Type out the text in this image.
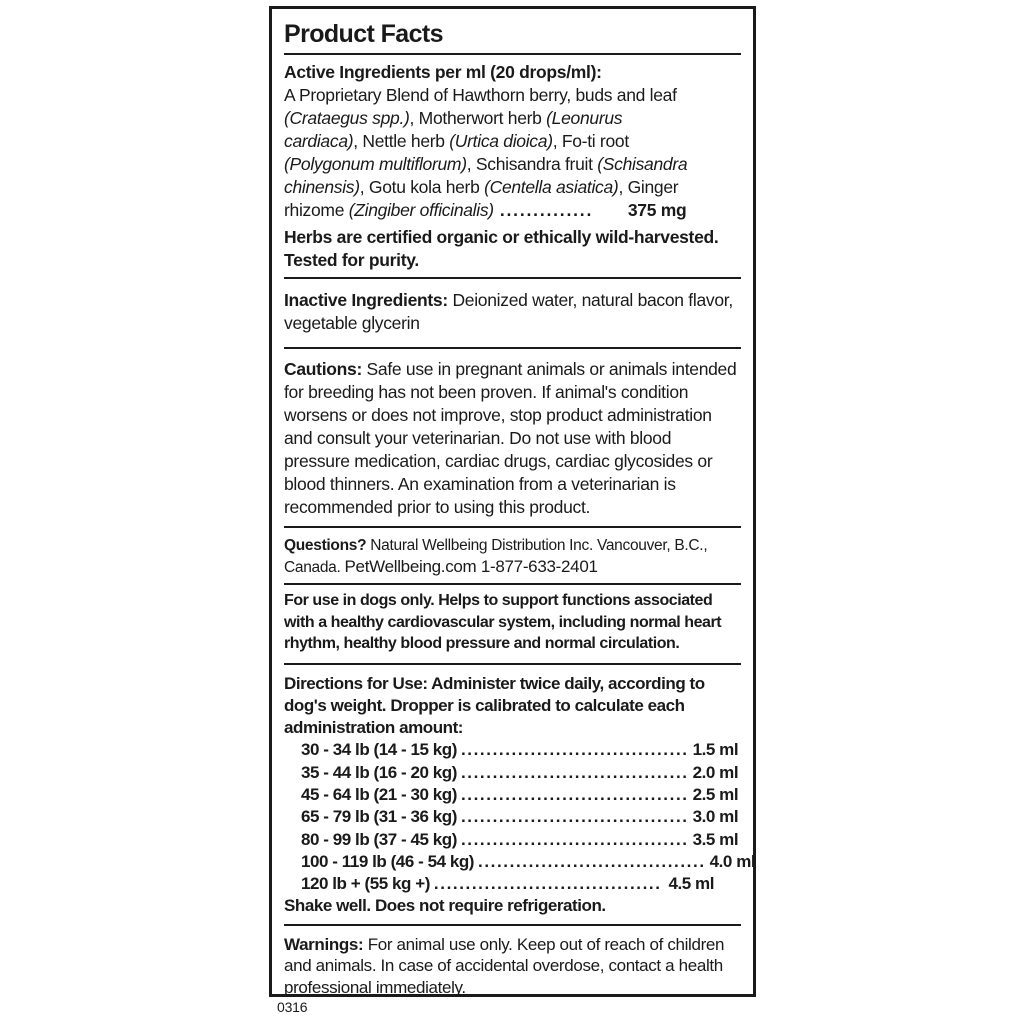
Product Facts
Active Ingredients per ml (20 drops/ml):
A Proprietary Blend of Hawthorn berry, buds and leaf
(Crataegus spp.), Motherwort herb (Leonurus
cardiaca), Nettle herb (Urtica dioica), Fo-ti root
(Polygonum multiflorum), Schisandra fruit (Schisandra
chinensis), Gotu kola herb (Centella asiatica), Ginger
rhizome (Zingiber officinalis) ..............	375 mg
Herbs are certified organic or ethically wild-harvested. Tested for purity.
Inactive Ingredients: Deionized water, natural bacon flavor, vegetable glycerin
Cautions: Safe use in pregnant animals or animals intended for breeding has not been proven. If animal's condition worsens or does not improve, stop product administration and consult your veterinarian. Do not use with blood pressure medication, cardiac drugs, cardiac glycosides or blood thinners. An examination from a veterinarian is recommended prior to using this product.
Questions? Natural Wellbeing Distribution Inc. Vancouver, B.C., Canada. PetWellbeing.com 1-877-633-2401
For use in dogs only. Helps to support functions associated with a healthy cardiovascular system, including normal heart rhythm, healthy blood pressure and normal circulation.
Directions for Use: Administer twice daily, according to dog's weight. Dropper is calibrated to calculate each administration amount:
30 - 34 lb (14 - 15 kg) .................................... 1.5 ml
35 - 44 lb (16 - 20 kg) .................................... 2.0 ml
45 - 64 lb (21 - 30 kg) .................................... 2.5 ml
65 - 79 lb (31 - 36 kg) .................................... 3.0 ml
80 - 99 lb (37 - 45 kg) .................................... 3.5 ml
100 - 119 lb (46 - 54 kg) .................................... 4.0 ml
120 lb + (55 kg +) .................................... 4.5 ml
Shake well. Does not require refrigeration.
Warnings: For animal use only. Keep out of reach of children and animals. In case of accidental overdose, contact a health professional immediately.
0316
